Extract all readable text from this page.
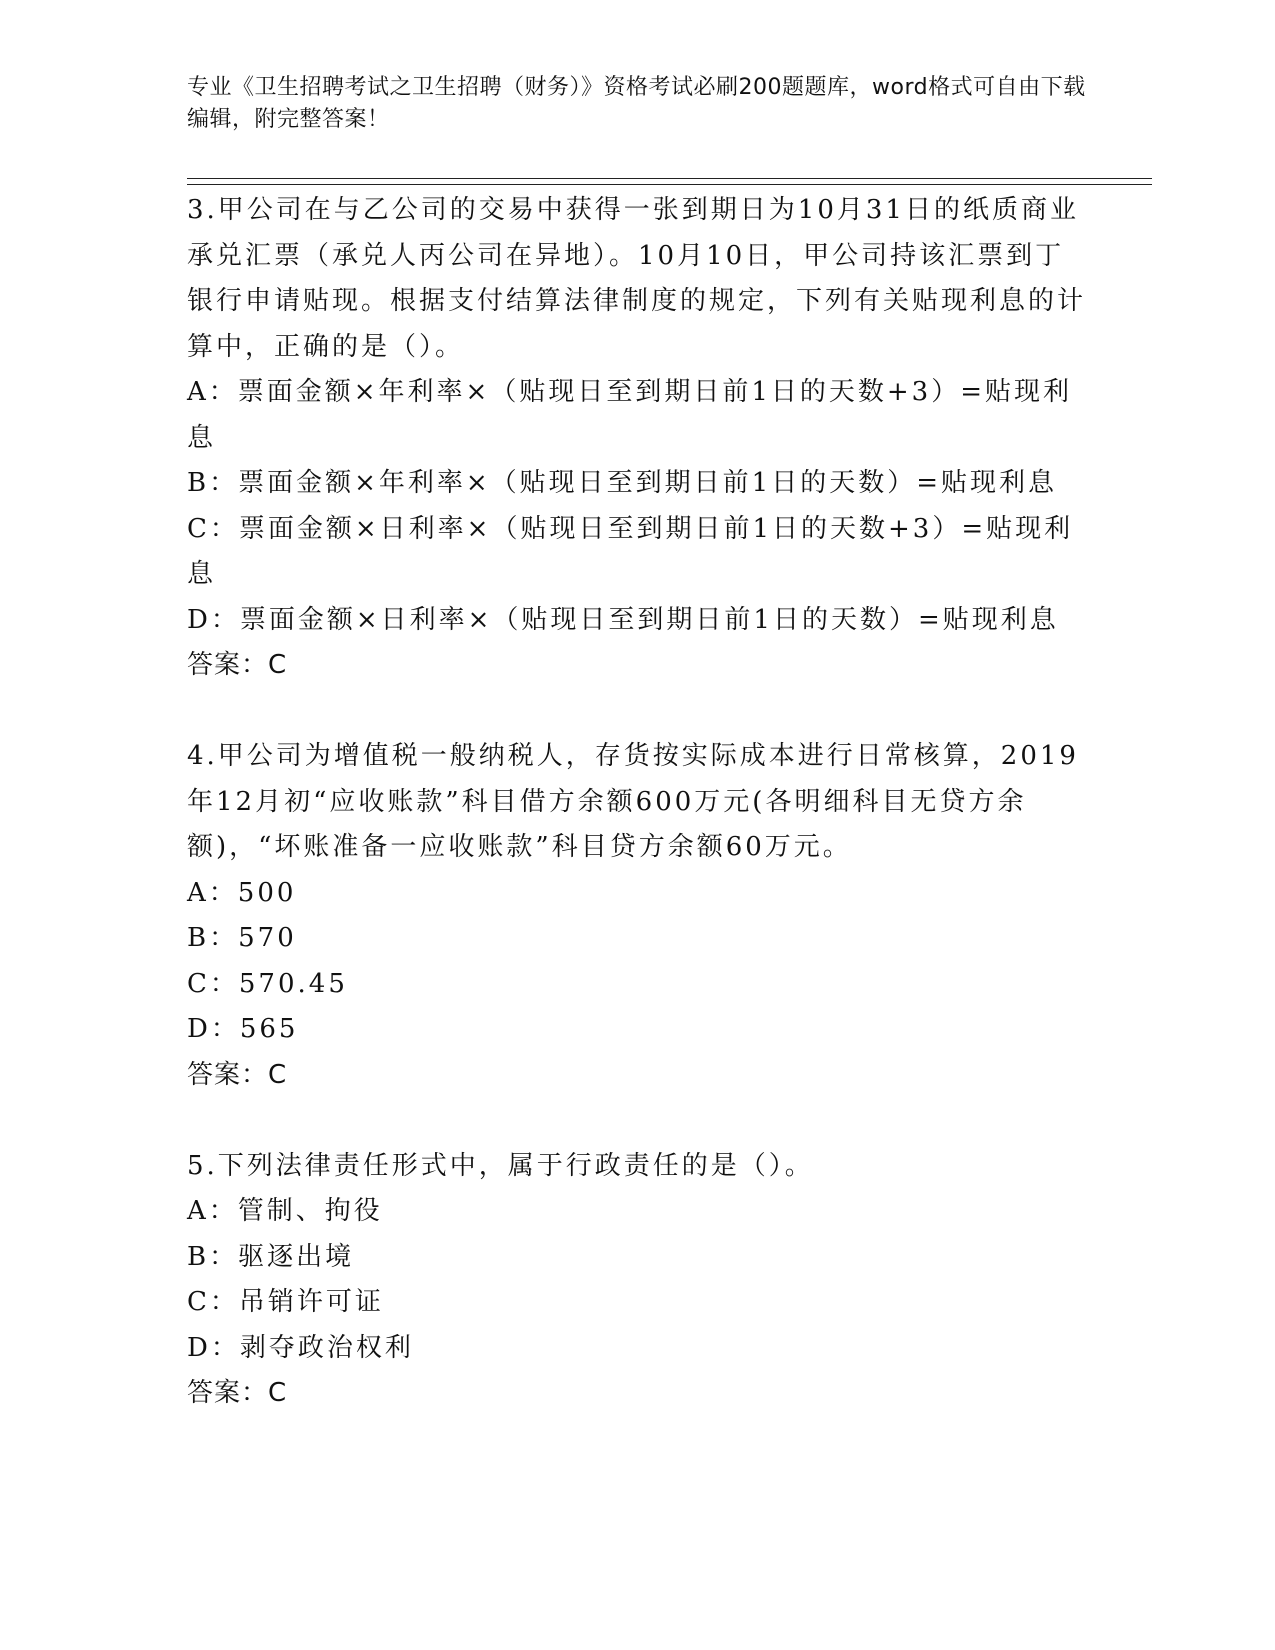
专业《卫生招聘考试之卫生招聘（财务）》资格考试必刷200题题库，word格式可自由下载编辑，附完整答案！

3.甲公司在与乙公司的交易中获得一张到期日为10月31日的纸质商业承兑汇票（承兑人丙公司在异地）。10月10日，甲公司持该汇票到丁银行申请贴现。根据支付结算法律制度的规定，下列有关贴现利息的计算中，正确的是（）。

A：票面金额×年利率×（贴现日至到期日前1日的天数+3）=贴现利息

B：票面金额×年利率×（贴现日至到期日前1日的天数）=贴现利息

C：票面金额×日利率×（贴现日至到期日前1日的天数+3）=贴现利息

D：票面金额×日利率×（贴现日至到期日前1日的天数）=贴现利息

答案：C

4.甲公司为增值税一般纳税人，存货按实际成本进行日常核算，2019年12月初“应收账款”科目借方余额600万元(各明细科目无贷方余额)，“坏账准备一应收账款”科目贷方余额60万元。

A：500

B：570

C：570.45

D：565

答案：C

5.下列法律责任形式中，属于行政责任的是（）。

A：管制、拘役

B：驱逐出境

C：吊销许可证

D：剥夺政治权利

答案：C
